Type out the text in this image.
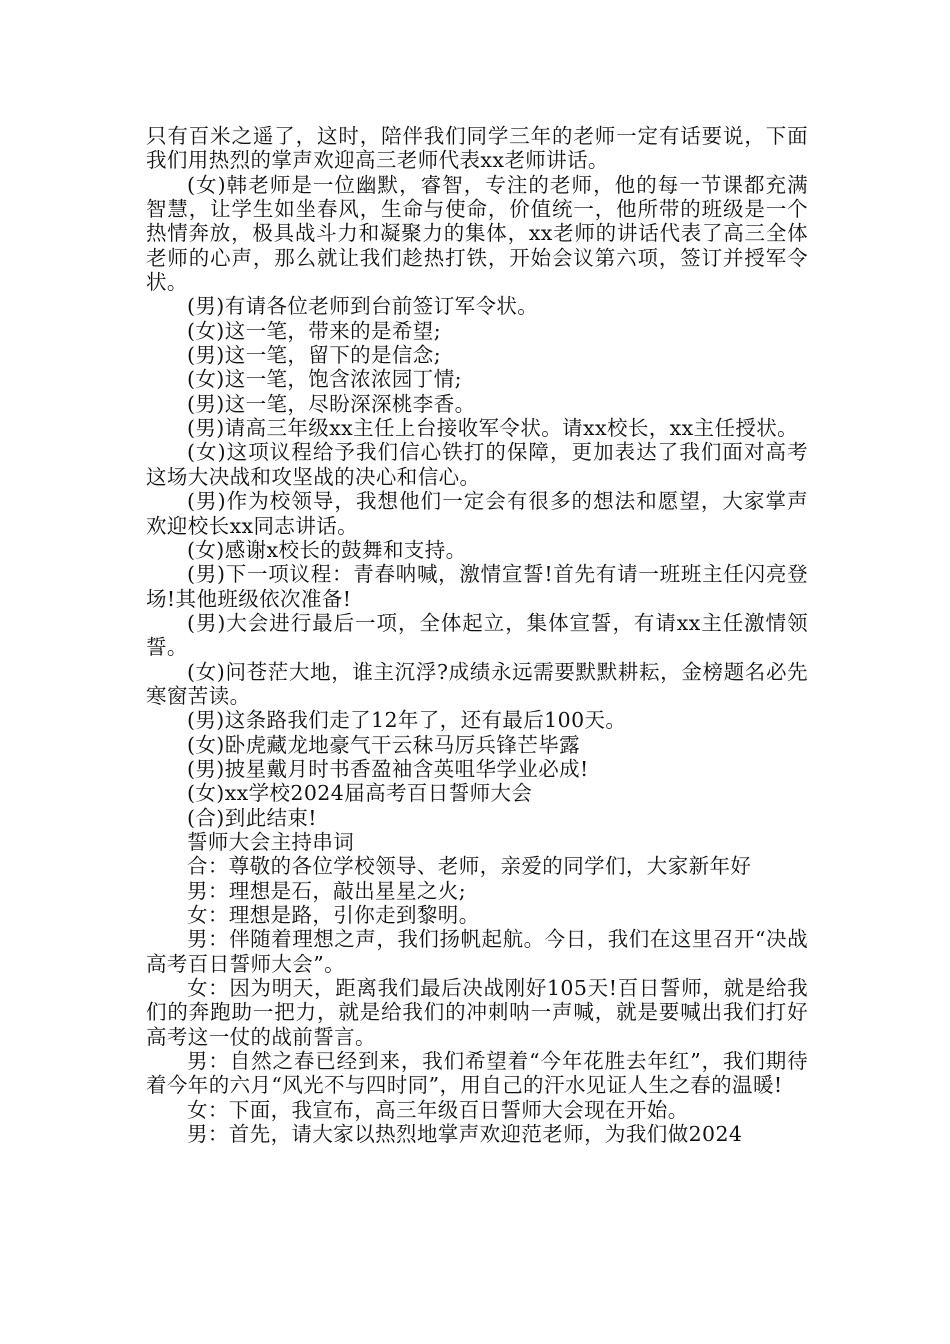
只有百米之遥了，这时，陪伴我们同学三年的老师一定有话要说，下面我们用热烈的掌声欢迎高三老师代表xx老师讲话。

(女)韩老师是一位幽默，睿智，专注的老师，他的每一节课都充满智慧，让学生如坐春风，生命与使命，价值统一，他所带的班级是一个热情奔放，极具战斗力和凝聚力的集体，xx老师的讲话代表了高三全体老师的心声，那么就让我们趁热打铁，开始会议第六项，签订并授军令状。

(男)有请各位老师到台前签订军令状。

(女)这一笔，带来的是希望;

(男)这一笔，留下的是信念;

(女)这一笔，饱含浓浓园丁情;

(男)这一笔，尽盼深深桃李香。

(男)请高三年级xx主任上台接收军令状。请xx校长，xx主任授状。

(女)这项议程给予我们信心铁打的保障，更加表达了我们面对高考这场大决战和攻坚战的决心和信心。

(男)作为校领导，我想他们一定会有很多的想法和愿望，大家掌声欢迎校长xx同志讲话。

(女)感谢x校长的鼓舞和支持。

(男)下一项议程：青春呐喊，激情宣誓!首先有请一班班主任闪亮登场!其他班级依次准备!

(男)大会进行最后一项，全体起立，集体宣誓，有请xx主任激情领誓。

(女)问苍茫大地，谁主沉浮?成绩永远需要默默耕耘，金榜题名必先寒窗苦读。

(男)这条路我们走了12年了，还有最后100天。

(女)卧虎藏龙地豪气干云秣马厉兵锋芒毕露

(男)披星戴月时书香盈袖含英咀华学业必成!

(女)xx学校2024届高考百日誓师大会

(合)到此结束!

誓师大会主持串词

合：尊敬的各位学校领导、老师，亲爱的同学们，大家新年好

男：理想是石，敲出星星之火;

女：理想是路，引你走到黎明。

男：伴随着理想之声，我们扬帆起航。今日，我们在这里召开“决战高考百日誓师大会”。

女：因为明天，距离我们最后决战刚好105天!百日誓师，就是给我们的奔跑助一把力，就是给我们的冲刺呐一声喊，就是要喊出我们打好高考这一仗的战前誓言。

男：自然之春已经到来，我们希望着“今年花胜去年红”，我们期待着今年的六月“风光不与四时同”，用自己的汗水见证人生之春的温暖!

女：下面，我宣布，高三年级百日誓师大会现在开始。

男：首先，请大家以热烈地掌声欢迎范老师，为我们做2024
